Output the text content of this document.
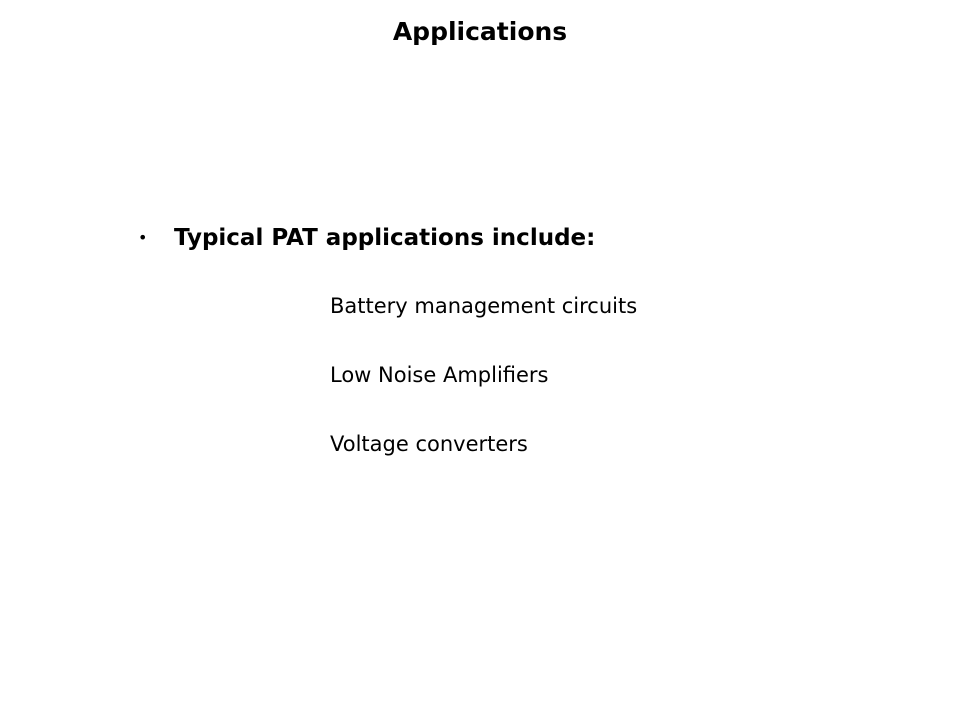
Applications
•	Typical PAT applications include:
Battery management circuits
Low Noise Amplifiers
Voltage converters
